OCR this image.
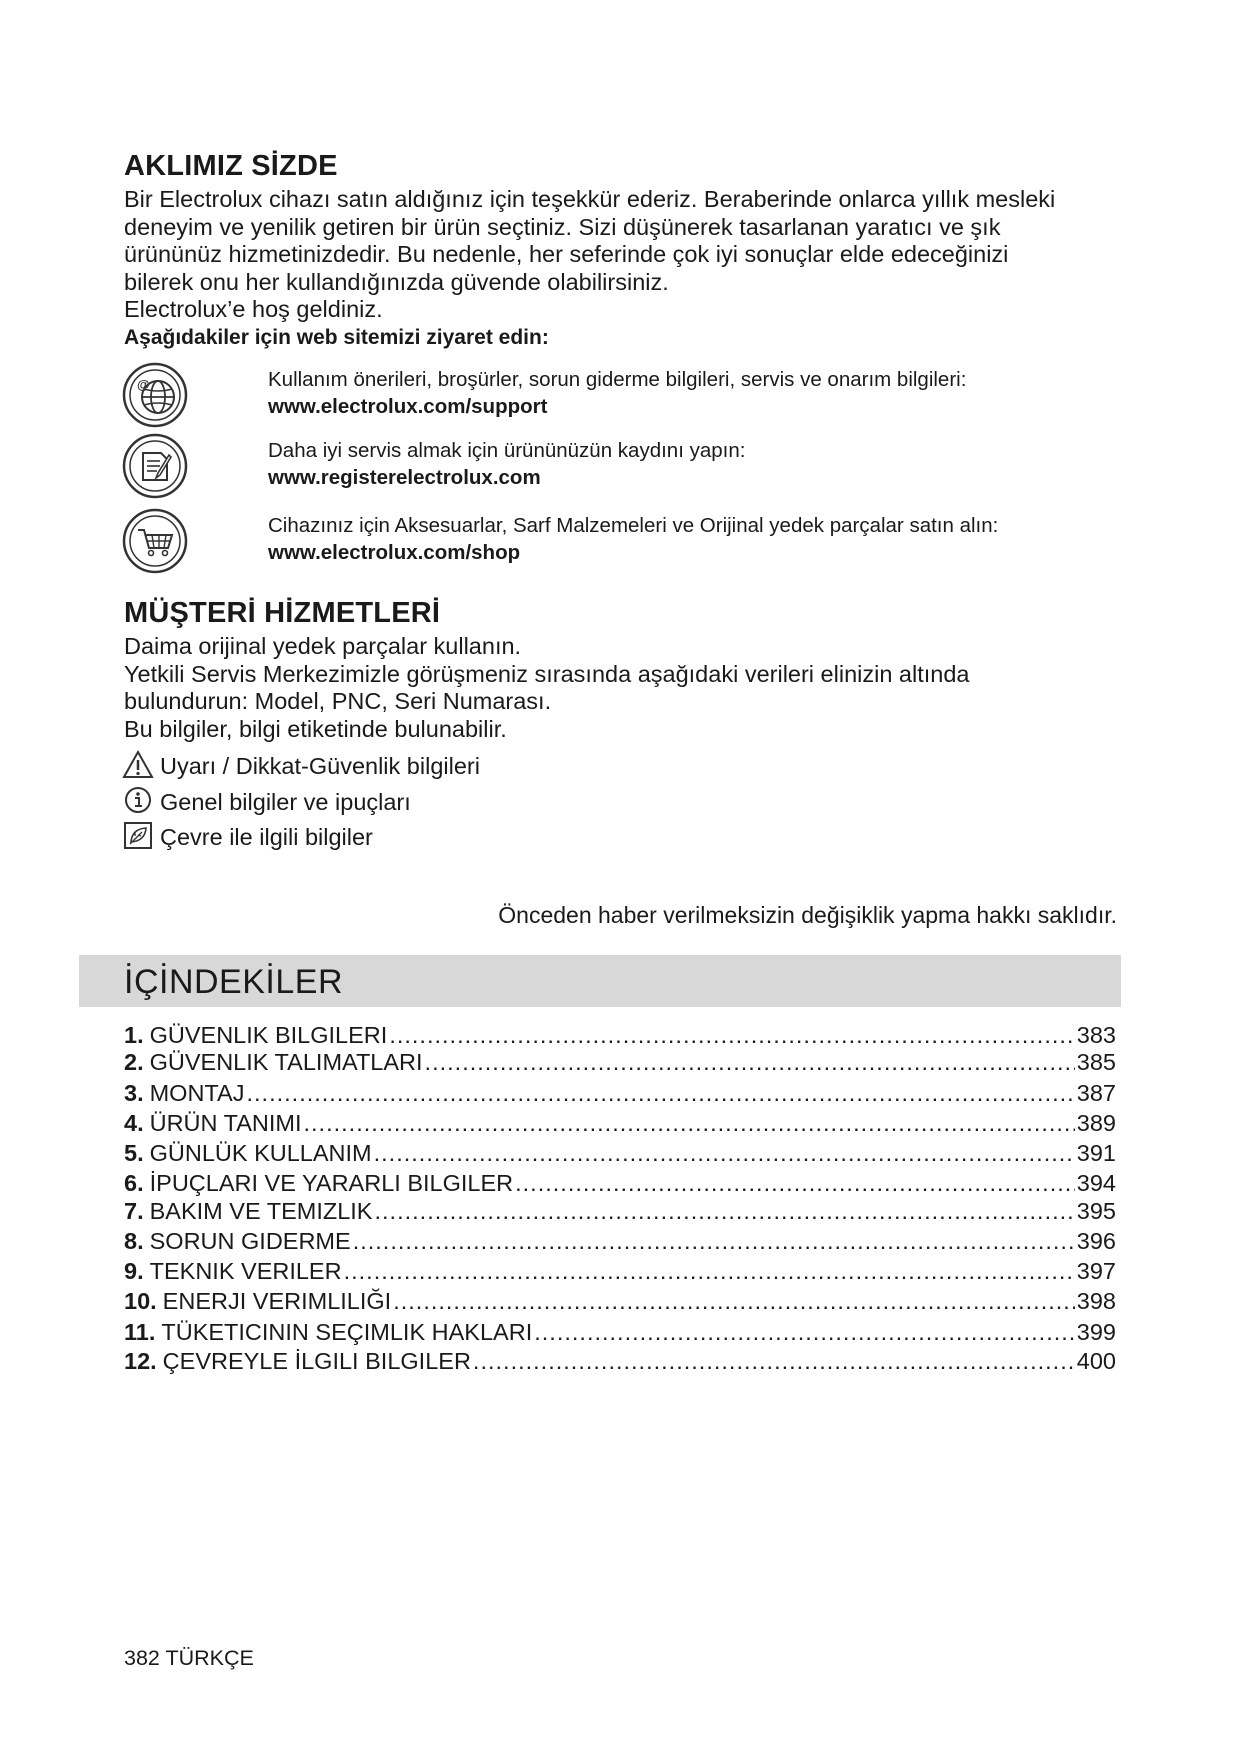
AKLIMIZ SİZDE

Bir Electrolux cihazı satın aldığınız için teşekkür ederiz. Beraberinde onlarca yıllık mesleki

deneyim ve yenilik getiren bir ürün seçtiniz. Sizi düşünerek tasarlanan yaratıcı ve şık

ürününüz hizmetinizdedir. Bu nedenle, her seferinde çok iyi sonuçlar elde edeceğinizi

bilerek onu her kullandığınızda güvende olabilirsiniz.

Electrolux’e hoş geldiniz.

Aşağıdakiler için web sitemizi ziyaret edin:

@	Kullanım önerileri, broşürler, sorun giderme bilgileri, servis ve onarım bilgileri:
www.electrolux.com/support
Daha iyi servis almak için ürününüzün kaydını yapın:
www.registerelectrolux.com
Cihazınız için Aksesuarlar, Sarf Malzemeleri ve Orijinal yedek parçalar satın alın:
www.electrolux.com/shop
MÜŞTERİ HİZMETLERİ

Daima orijinal yedek parçalar kullanın.

Yetkili Servis Merkezimizle görüşmeniz sırasında aşağıdaki verileri elinizin altında

bulundurun: Model, PNC, Seri Numarası.

Bu bilgiler, bilgi etiketinde bulunabilir.

Uyarı / Dikkat-Güvenlik bilgileri
Genel bilgiler ve ipuçları
Çevre ile ilgili bilgiler
Önceden haber verilmeksizin değişiklik yapma hakkı saklıdır.
İÇİNDEKİLER
1. GÜVENLIK BILGILERI .....	383
2. GÜVENLIK TALIMATLARI .....	385
3. MONTAJ .....	387
4. ÜRÜN TANIMI .....	389
5. GÜNLÜK KULLANIM .....	391
6. İPUÇLARI VE YARARLI BILGILER .....	394
7. BAKIM VE TEMIZLIK .....	395
8. SORUN GIDERME .....	396
9. TEKNIK VERILER .....	397
10. ENERJI VERIMLILIĞI .....	398
11. TÜKETICININ SEÇIMLIK HAKLARI .....	399
12. ÇEVREYLE İLGILI BILGILER .....	400
382 TÜRKÇE
